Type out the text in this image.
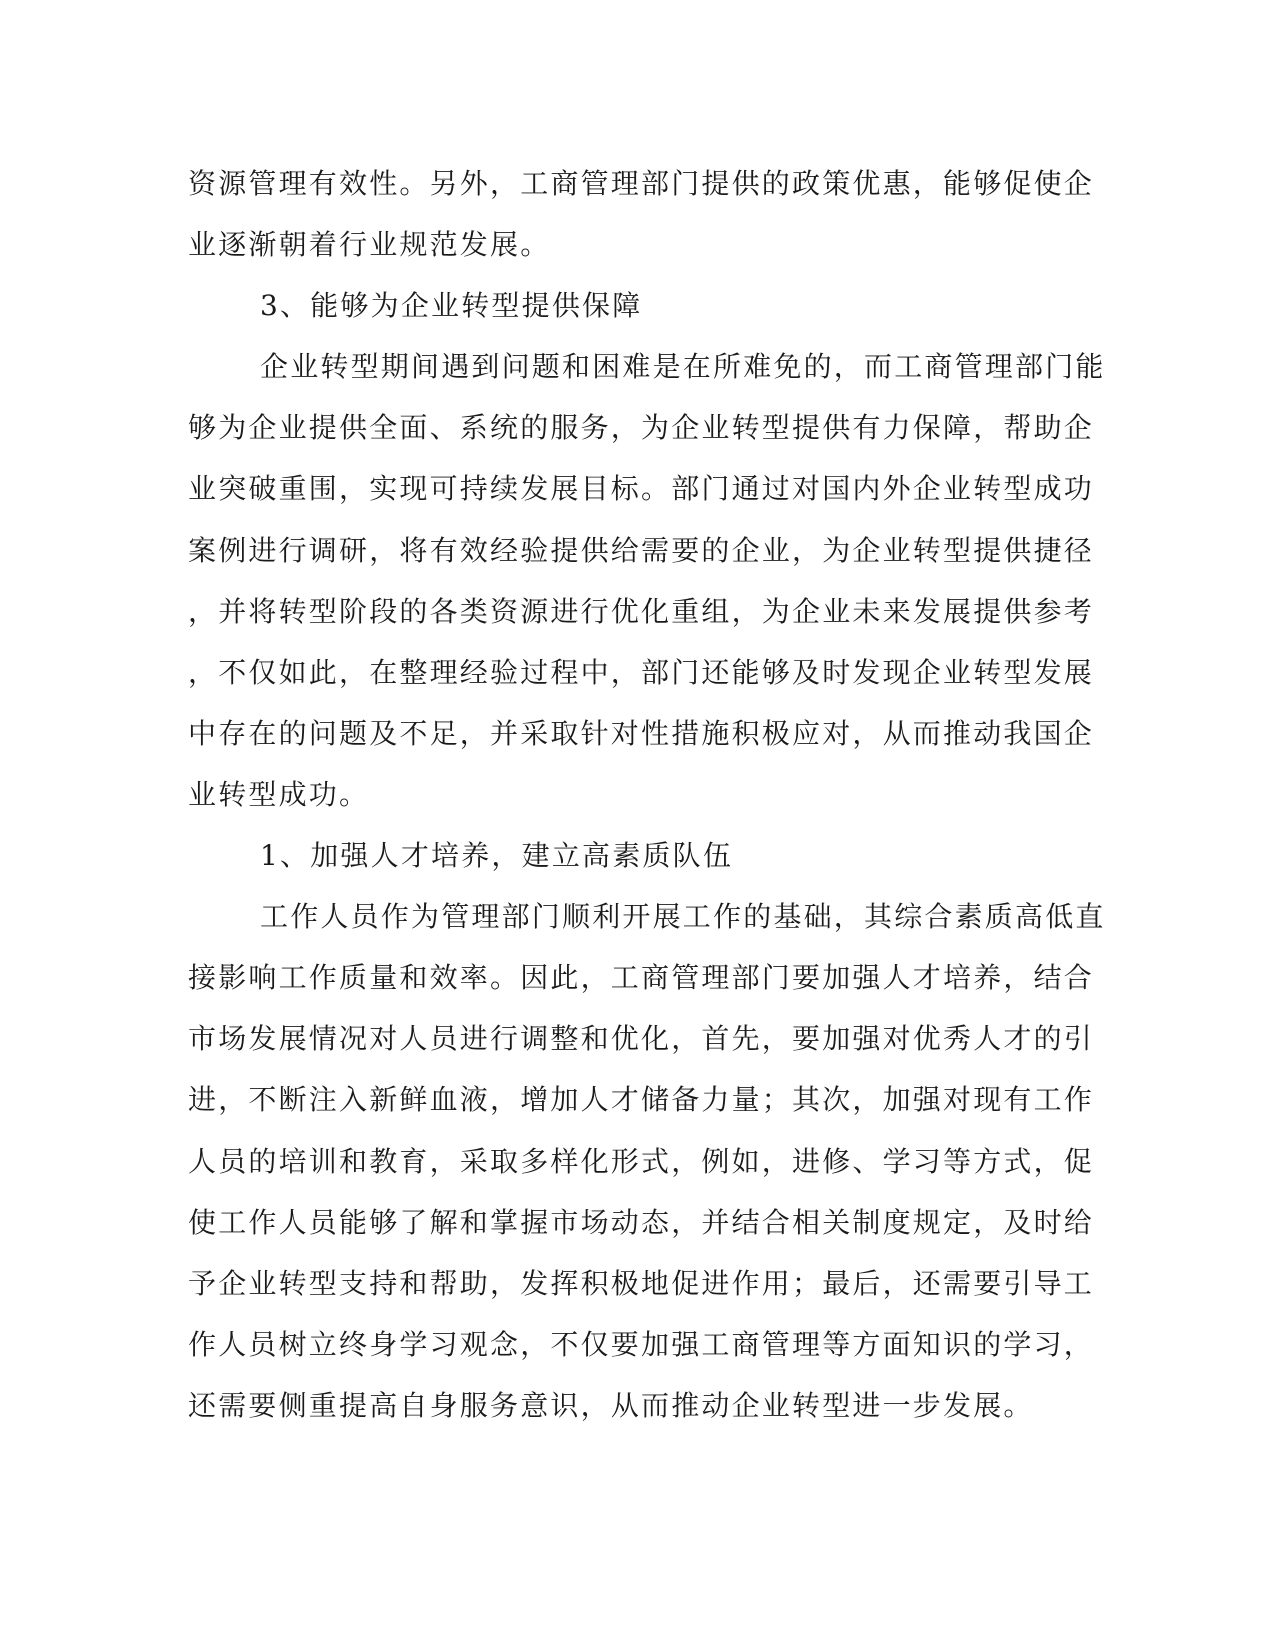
资源管理有效性。另外，工商管理部门提供的政策优惠，能够促使企
业逐渐朝着行业规范发展。
3、能够为企业转型提供保障
企业转型期间遇到问题和困难是在所难免的，而工商管理部门能
够为企业提供全面、系统的服务，为企业转型提供有力保障，帮助企
业突破重围，实现可持续发展目标。部门通过对国内外企业转型成功
案例进行调研，将有效经验提供给需要的企业，为企业转型提供捷径
，并将转型阶段的各类资源进行优化重组，为企业未来发展提供参考
，不仅如此，在整理经验过程中，部门还能够及时发现企业转型发展
中存在的问题及不足，并采取针对性措施积极应对，从而推动我国企
业转型成功。
1、加强人才培养，建立高素质队伍
工作人员作为管理部门顺利开展工作的基础，其综合素质高低直
接影响工作质量和效率。因此，工商管理部门要加强人才培养，结合
市场发展情况对人员进行调整和优化，首先，要加强对优秀人才的引
进，不断注入新鲜血液，增加人才储备力量；其次，加强对现有工作
人员的培训和教育，采取多样化形式，例如，进修、学习等方式，促
使工作人员能够了解和掌握市场动态，并结合相关制度规定，及时给
予企业转型支持和帮助，发挥积极地促进作用；最后，还需要引导工
作人员树立终身学习观念，不仅要加强工商管理等方面知识的学习，
还需要侧重提高自身服务意识，从而推动企业转型进一步发展。
